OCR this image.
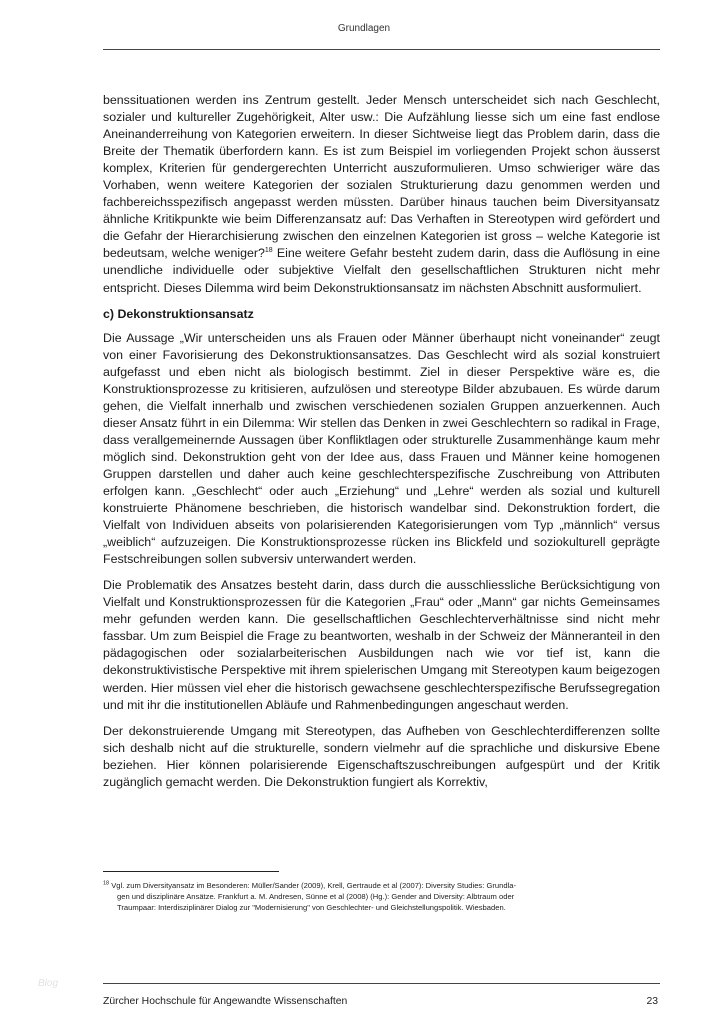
Grundlagen

benssituationen werden ins Zentrum gestellt. Jeder Mensch unterscheidet sich nach Geschlecht, sozialer und kultureller Zugehörigkeit, Alter usw.: Die Aufzählung liesse sich um eine fast endlose Aneinanderreihung von Kategorien erweitern. In dieser Sichtweise liegt das Problem darin, dass die Breite der Thematik überfordern kann. Es ist zum Beispiel im vorliegenden Projekt schon äusserst komplex, Kriterien für gendergerechten Unterricht auszuformulieren. Umso schwieriger wäre das Vorhaben, wenn weitere Kategorien der sozialen Strukturierung dazu genommen werden und fachbereichsspezifisch angepasst werden müssten. Darüber hinaus tauchen beim Diversityansatz ähnliche Kritikpunkte wie beim Differenzansatz auf: Das Verhaften in Stereotypen wird gefördert und die Gefahr der Hierarchisierung zwischen den einzelnen Kategorien ist gross – welche Kategorie ist bedeutsam, welche weniger?$^{18}$ Eine weitere Gefahr besteht zudem darin, dass die Auflösung in eine unendliche individuelle oder subjektive Vielfalt den gesellschaftlichen Strukturen nicht mehr entspricht. Dieses Dilemma wird beim Dekonstruktionsansatz im nächsten Abschnitt ausformuliert.

c) Dekonstruktionsansatz

Die Aussage „Wir unterscheiden uns als Frauen oder Männer überhaupt nicht voneinander“ zeugt von einer Favorisierung des Dekonstruktionsansatzes. Das Geschlecht wird als sozial konstruiert aufgefasst und eben nicht als biologisch bestimmt. Ziel in dieser Perspektive wäre es, die Konstruktionsprozesse zu kritisieren, aufzulösen und stereotype Bilder abzubauen. Es würde darum gehen, die Vielfalt innerhalb und zwischen verschiedenen sozialen Gruppen anzuerkennen. Auch dieser Ansatz führt in ein Dilemma: Wir stellen das Denken in zwei Geschlechtern so radikal in Frage, dass verallgemeinernde Aussagen über Konfliktlagen oder strukturelle Zusammenhänge kaum mehr möglich sind. Dekonstruktion geht von der Idee aus, dass Frauen und Männer keine homogenen Gruppen darstellen und daher auch keine geschlechterspezifische Zuschreibung von Attributen erfolgen kann. „Geschlecht“ oder auch „Erziehung“ und „Lehre“ werden als sozial und kulturell konstruierte Phänomene beschrieben, die historisch wandelbar sind. Dekonstruktion fordert, die Vielfalt von Individuen abseits von polarisierenden Kategorisierungen vom Typ „männlich“ versus „weiblich“ aufzuzeigen. Die Konstruktionsprozesse rücken ins Blickfeld und soziokulturell geprägte Festschreibungen sollen subversiv unterwandert werden.

Die Problematik des Ansatzes besteht darin, dass durch die ausschliessliche Berücksichtigung von Vielfalt und Konstruktionsprozessen für die Kategorien „Frau“ oder „Mann“ gar nichts Gemeinsames mehr gefunden werden kann. Die gesellschaftlichen Geschlechterverhältnisse sind nicht mehr fassbar. Um zum Beispiel die Frage zu beantworten, weshalb in der Schweiz der Männeranteil in den pädagogischen oder sozialarbeiterischen Ausbildungen nach wie vor tief ist, kann die dekonstruktivistische Perspektive mit ihrem spielerischen Umgang mit Stereotypen kaum beigezogen werden. Hier müssen viel eher die historisch gewachsene geschlechterspezifische Berufssegregation und mit ihr die institutionellen Abläufe und Rahmenbedingungen angeschaut werden.

Der dekonstruierende Umgang mit Stereotypen, das Aufheben von Geschlechterdifferenzen sollte sich deshalb nicht auf die strukturelle, sondern vielmehr auf die sprachliche und diskursive Ebene beziehen. Hier können polarisierende Eigenschaftszuschreibungen aufgespürt und der Kritik zugänglich gemacht werden. Die Dekonstruktion fungiert als Korrektiv,

$^{18}$ Vgl. zum Diversityansatz im Besonderen: Müller/Sander (2009), Krell, Gertraude et al (2007): Diversity Studies: Grundla-
gen und disziplinäre Ansätze. Frankfurt a. M. Andresen, Sünne et al (2008) (Hg.): Gender and Diversity: Albtraum oder
Traumpaar: Interdisziplinärer Dialog zur "Modernisierung" von Geschlechter- und Gleichstellungspolitik. Wiesbaden.
Blog
Zürcher Hochschule für Angewandte Wissenschaften	23
